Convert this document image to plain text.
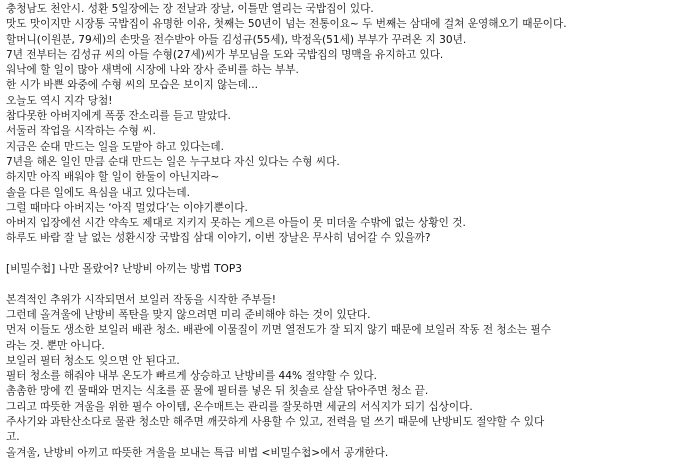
충청남도 천안시. 성환 5일장에는 장 전날과 장날, 이틀만 열리는 국밥집이 있다.
맛도 맛이지만 시장통 국밥집이 유명한 이유, 첫째는 50년이 넘는 전통이요~ 두 번째는 삼대에 걸쳐 운영해오기 때문이다.
할머니(이원분, 79세)의 손맛을 전수받아 아들 김성규(55세), 박정옥(51세) 부부가 꾸려온 지 30년.
7년 전부터는 김성규 씨의 아들 수형(27세)씨가 부모님을 도와 국밥집의 명맥을 유지하고 있다.
워낙에 할 일이 많아 새벽에 시장에 나와 장사 준비를 하는 부부.
한 시가 바쁜 와중에 수형 씨의 모습은 보이지 않는데...
오늘도 역시 지각 당첨!
참다못한 아버지에게 폭풍 잔소리를 듣고 말았다.
서둘러 작업을 시작하는 수형 씨.
지금은 순대 만드는 일을 도맡아 하고 있다는데.
7년을 해온 일인 만큼 순대 만드는 일은 누구보다 자신 있다는 수형 씨다.
하지만 아직 배워야 할 일이 한둘이 아닌지라~
솔을 다른 일에도 욕심을 내고 있다는데.
그럴 때마다 아버지는 ‘아직 멀었다’는 이야기뿐이다.
아버지 입장에선 시간 약속도 제대로 지키지 못하는 게으른 아들이 못 미더울 수밖에 없는 상황인 것.
하루도 바람 잘 날 없는 성환시장 국밥집 삼대 이야기, 이번 장날은 무사히 넘어갈 수 있을까?
[비밀수첩] 나만 몰랐어? 난방비 아끼는 방법 TOP3
본격적인 추위가 시작되면서 보일러 작동을 시작한 주부들!
그런데 올겨울에 난방비 폭탄을 맞지 않으려면 미리 준비해야 하는 것이 있단다.
먼저 이들도 생소한 보일러 배관 청소. 배관에 이물질이 끼면 열전도가 잘 되지 않기 때문에 보일러 작동 전 청소는 필수
라는 것. 뿐만 아니다.
보일러 필터 청소도 잊으면 안 된다고.
필터 청소를 해줘야 내부 온도가 빠르게 상승하고 난방비를 44% 절약할 수 있다.
촘촘한 망에 낀 물때와 먼지는 식초를 푼 물에 필터를 넣은 뒤 칫솔로 살살 닦아주면 청소 끝.
그리고 따뜻한 겨울을 위한 필수 아이템, 온수매트는 관리를 잘못하면 세균의 서식지가 되기 십상이다.
주사기와 과탄산소다로 물관 청소만 해주면 깨끗하게 사용할 수 있고, 전력을 덜 쓰기 때문에 난방비도 절약할 수 있다
고.
올겨울, 난방비 아끼고 따뜻한 겨울을 보내는 특급 비법 <비밀수첩>에서 공개한다.
